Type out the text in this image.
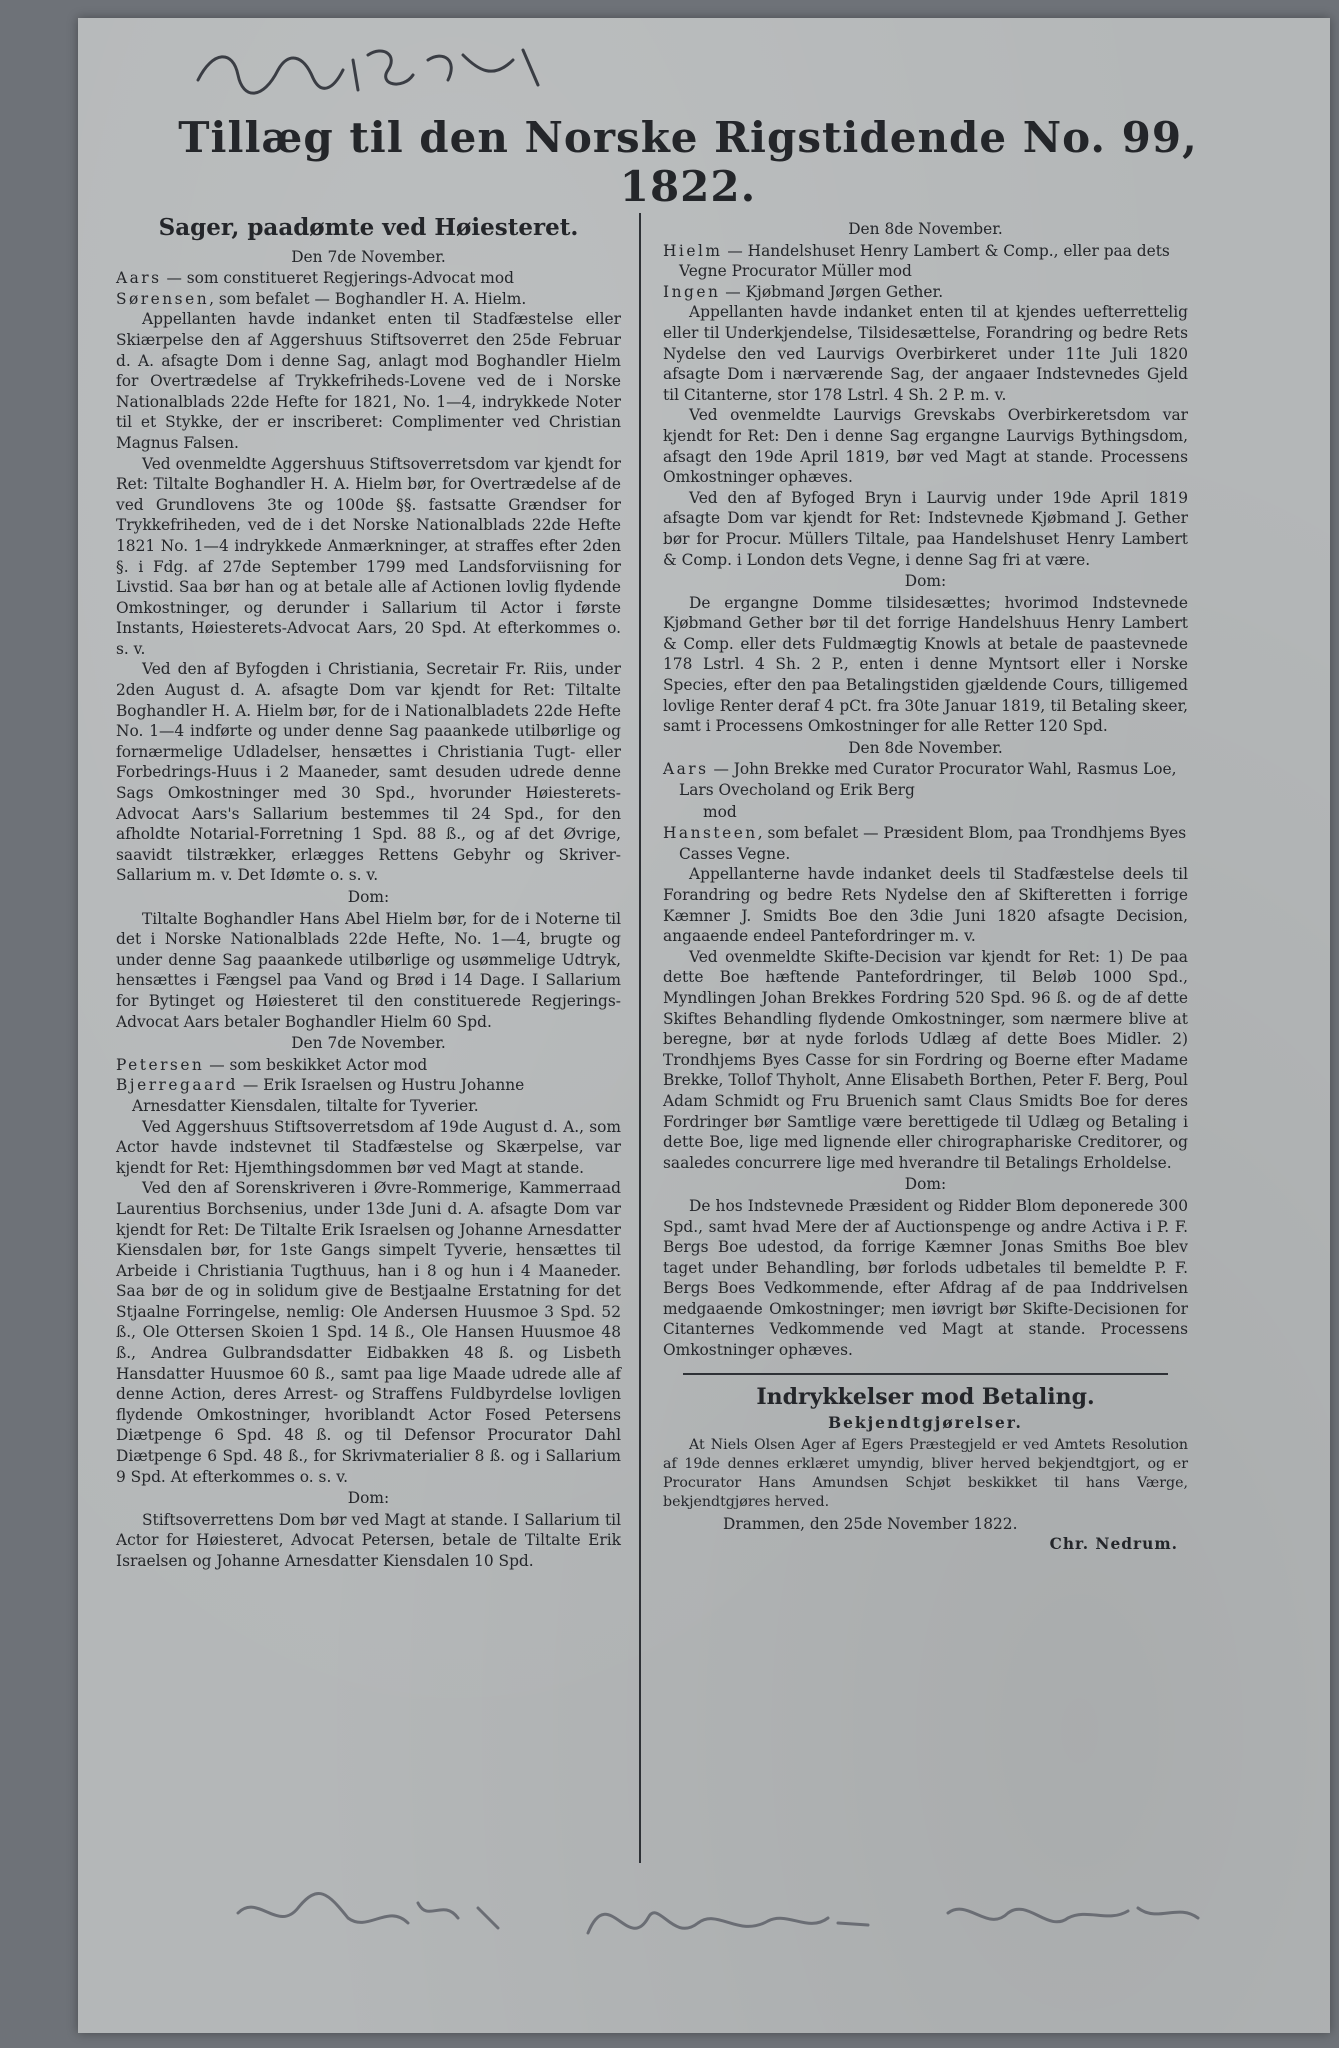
Tillæg til den Norske Rigstidende No. 99, 1822.
Sager, paadømte ved Høiesteret.
Den 7de November.

Aars — som constitueret Regjerings-Advocat mod

Sørensen, som befalet — Boghandler H. A. Hielm.

Appellanten havde indanket enten til Stadfæstelse eller Skiærpelse den af Aggershuus Stiftsoverret den 25de Februar d. A. afsagte Dom i denne Sag, anlagt mod Boghandler Hielm for Overtrædelse af Trykkefriheds-Lovene ved de i Norske Nationalblads 22de Hefte for 1821, No. 1—4, indrykkede Noter til et Stykke, der er inscriberet: Complimenter ved Christian Magnus Falsen.

Ved ovenmeldte Aggershuus Stiftsoverretsdom var kjendt for Ret: Tiltalte Boghandler H. A. Hielm bør, for Overtrædelse af de ved Grundlovens 3te og 100de §§. fastsatte Grændser for Trykkefriheden, ved de i det Norske Nationalblads 22de Hefte 1821 No. 1—4 indrykkede Anmærkninger, at straffes efter 2den §. i Fdg. af 27de September 1799 med Landsforviisning for Livstid. Saa bør han og at betale alle af Actionen lovlig flydende Omkostninger, og derunder i Sallarium til Actor i første Instants, Høiesterets-Advocat Aars, 20 Spd. At efterkommes o. s. v.

Ved den af Byfogden i Christiania, Secretair Fr. Riis, under 2den August d. A. afsagte Dom var kjendt for Ret: Tiltalte Boghandler H. A. Hielm bør, for de i Nationalbladets 22de Hefte No. 1—4 indførte og under denne Sag paaankede utilbørlige og fornærmelige Udladelser, hensættes i Christiania Tugt- eller Forbedrings-Huus i 2 Maaneder, samt desuden udrede denne Sags Omkostninger med 30 Spd., hvorunder Høiesterets-Advocat Aars's Sallarium bestemmes til 24 Spd., for den afholdte Notarial-Forretning 1 Spd. 88 ß., og af det Øvrige, saavidt tilstrækker, erlægges Rettens Gebyhr og Skriver-Sallarium m. v. Det Idømte o. s. v.

Dom:

Tiltalte Boghandler Hans Abel Hielm bør, for de i Noterne til det i Norske Nationalblads 22de Hefte, No. 1—4, brugte og under denne Sag paaankede utilbørlige og usømmelige Udtryk, hensættes i Fængsel paa Vand og Brød i 14 Dage. I Sallarium for Bytinget og Høiesteret til den constituerede Regjerings-Advocat Aars betaler Boghandler Hielm 60 Spd.

Den 7de November.

Petersen — som beskikket Actor mod

Bjerregaard — Erik Israelsen og Hustru Johanne Arnesdatter Kiensdalen, tiltalte for Tyverier.

Ved Aggershuus Stiftsoverretsdom af 19de August d. A., som Actor havde indstevnet til Stadfæstelse og Skærpelse, var kjendt for Ret: Hjemthingsdommen bør ved Magt at stande.

Ved den af Sorenskriveren i Øvre-Rommerige, Kammerraad Laurentius Borchsenius, under 13de Juni d. A. afsagte Dom var kjendt for Ret: De Tiltalte Erik Israelsen og Johanne Arnesdatter Kiensdalen bør, for 1ste Gangs simpelt Tyverie, hensættes til Arbeide i Christiania Tugthuus, han i 8 og hun i 4 Maaneder. Saa bør de og in solidum give de Bestjaalne Erstatning for det Stjaalne Forringelse, nemlig: Ole Andersen Huusmoe 3 Spd. 52 ß., Ole Ottersen Skoien 1 Spd. 14 ß., Ole Hansen Huusmoe 48 ß., Andrea Gulbrandsdatter Eidbakken 48 ß. og Lisbeth Hansdatter Huusmoe 60 ß., samt paa lige Maade udrede alle af denne Action, deres Arrest- og Straffens Fuldbyrdelse lovligen flydende Omkostninger, hvoriblandt Actor Fosed Petersens Diætpenge 6 Spd. 48 ß. og til Defensor Procurator Dahl Diætpenge 6 Spd. 48 ß., for Skrivmaterialier 8 ß. og i Sallarium 9 Spd. At efterkommes o. s. v.

Dom:

Stiftsoverrettens Dom bør ved Magt at stande. I Sallarium til Actor for Høiesteret, Advocat Petersen, betale de Tiltalte Erik Israelsen og Johanne Arnesdatter Kiensdalen 10 Spd.

Den 8de November.

Hielm — Handelshuset Henry Lambert & Comp., eller paa dets Vegne Procurator Müller mod

Ingen — Kjøbmand Jørgen Gether.

Appellanten havde indanket enten til at kjendes uefterrettelig eller til Underkjendelse, Tilsidesættelse, Forandring og bedre Rets Nydelse den ved Laurvigs Overbirkeret under 11te Juli 1820 afsagte Dom i nærværende Sag, der angaaer Indstevnedes Gjeld til Citanterne, stor 178 Lstrl. 4 Sh. 2 P. m. v.

Ved ovenmeldte Laurvigs Grevskabs Overbirkeretsdom var kjendt for Ret: Den i denne Sag ergangne Laurvigs Bythingsdom, afsagt den 19de April 1819, bør ved Magt at stande. Processens Omkostninger ophæves.

Ved den af Byfoged Bryn i Laurvig under 19de April 1819 afsagte Dom var kjendt for Ret: Indstevnede Kjøbmand J. Gether bør for Procur. Müllers Tiltale, paa Handelshuset Henry Lambert & Comp. i London dets Vegne, i denne Sag fri at være.

Dom:

De ergangne Domme tilsidesættes; hvorimod Indstevnede Kjøbmand Gether bør til det forrige Handelshuus Henry Lambert & Comp. eller dets Fuldmægtig Knowls at betale de paastevnede 178 Lstrl. 4 Sh. 2 P., enten i denne Myntsort eller i Norske Species, efter den paa Betalingstiden gjældende Cours, tilligemed lovlige Renter deraf 4 pCt. fra 30te Januar 1819, til Betaling skeer, samt i Processens Omkostninger for alle Retter 120 Spd.

Den 8de November.

Aars — John Brekke med Curator Procurator Wahl, Rasmus Loe, Lars Ovecholand og Erik Berg

mod

Hansteen, som befalet — Præsident Blom, paa Trondhjems Byes Casses Vegne.

Appellanterne havde indanket deels til Stadfæstelse deels til Forandring og bedre Rets Nydelse den af Skifteretten i forrige Kæmner J. Smidts Boe den 3die Juni 1820 afsagte Decision, angaaende endeel Pantefordringer m. v.

Ved ovenmeldte Skifte-Decision var kjendt for Ret: 1) De paa dette Boe hæftende Pantefordringer, til Beløb 1000 Spd., Myndlingen Johan Brekkes Fordring 520 Spd. 96 ß. og de af dette Skiftes Behandling flydende Omkostninger, som nærmere blive at beregne, bør at nyde forlods Udlæg af dette Boes Midler. 2) Trondhjems Byes Casse for sin Fordring og Boerne efter Madame Brekke, Tollof Thyholt, Anne Elisabeth Borthen, Peter F. Berg, Poul Adam Schmidt og Fru Bruenich samt Claus Smidts Boe for deres Fordringer bør Samtlige være berettigede til Udlæg og Betaling i dette Boe, lige med lignende eller chirographariske Creditorer, og saaledes concurrere lige med hverandre til Betalings Erholdelse.

Dom:

De hos Indstevnede Præsident og Ridder Blom deponerede 300 Spd., samt hvad Mere der af Auctionspenge og andre Activa i P. F. Bergs Boe udestod, da forrige Kæmner Jonas Smiths Boe blev taget under Behandling, bør forlods udbetales til bemeldte P. F. Bergs Boes Vedkommende, efter Afdrag af de paa Inddrivelsen medgaaende Omkostninger; men iøvrigt bør Skifte-Decisionen for Citanternes Vedkommende ved Magt at stande. Processens Omkostninger ophæves.

Indrykkelser mod Betaling.
Bekjendtgjørelser.

At Niels Olsen Ager af Egers Præstegjeld er ved Amtets Resolution af 19de dennes erklæret umyndig, bliver herved bekjendtgjort, og er Procurator Hans Amundsen Schjøt beskikket til hans Værge, bekjendtgjøres herved.

Drammen, den 25de November 1822.

Chr. Nedrum.
